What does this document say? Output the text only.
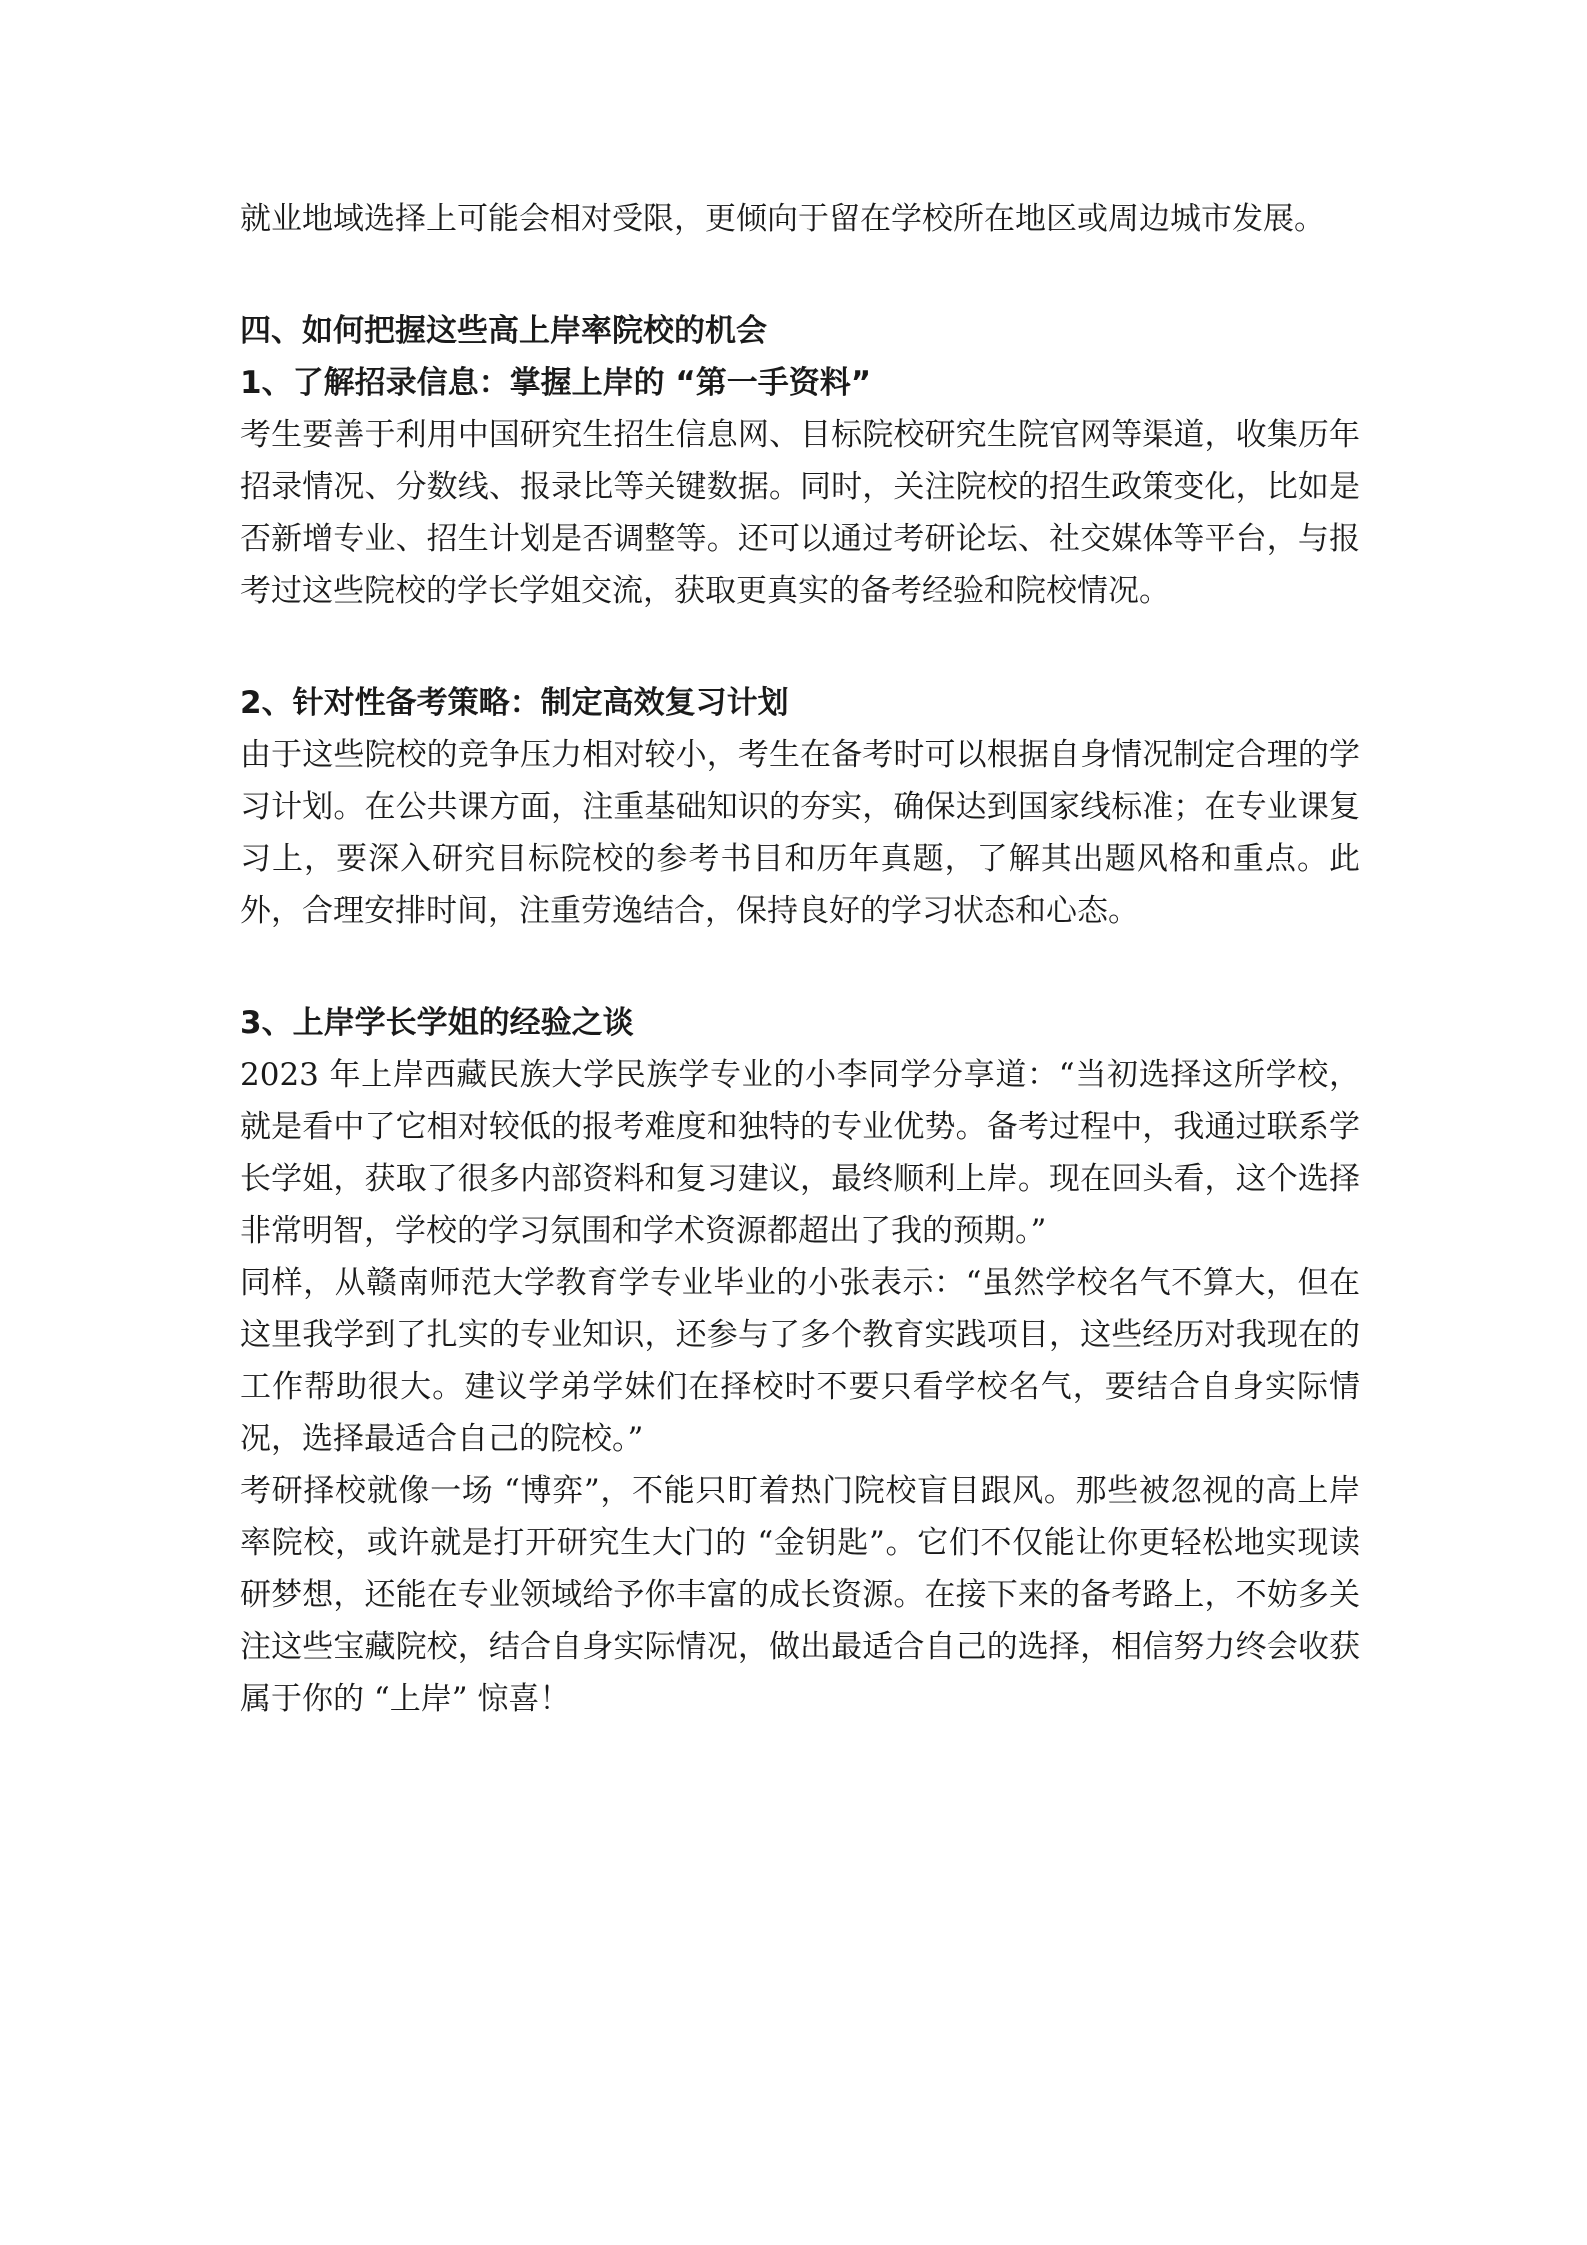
就业地域选择上可能会相对受限，更倾向于留在学校所在地区或周边城市发展。

四、如何把握这些高上岸率院校的机会

1、了解招录信息：掌握上岸的 “第一手资料”

考生要善于利用中国研究生招生信息网、目标院校研究生院官网等渠道，收集历年招录情况、分数线、报录比等关键数据。同时，关注院校的招生政策变化，比如是否新增专业、招生计划是否调整等。还可以通过考研论坛、社交媒体等平台，与报考过这些院校的学长学姐交流，获取更真实的备考经验和院校情况。

2、针对性备考策略：制定高效复习计划

由于这些院校的竞争压力相对较小，考生在备考时可以根据自身情况制定合理的学习计划。在公共课方面，注重基础知识的夯实，确保达到国家线标准；在专业课复习上，要深入研究目标院校的参考书目和历年真题，了解其出题风格和重点。此外，合理安排时间，注重劳逸结合，保持良好的学习状态和心态。

3、上岸学长学姐的经验之谈

2023 年上岸西藏民族大学民族学专业的小李同学分享道：“当初选择这所学校，就是看中了它相对较低的报考难度和独特的专业优势。备考过程中，我通过联系学长学姐，获取了很多内部资料和复习建议，最终顺利上岸。现在回头看，这个选择非常明智，学校的学习氛围和学术资源都超出了我的预期。”

同样，从赣南师范大学教育学专业毕业的小张表示：“虽然学校名气不算大，但在这里我学到了扎实的专业知识，还参与了多个教育实践项目，这些经历对我现在的工作帮助很大。建议学弟学妹们在择校时不要只看学校名气，要结合自身实际情况，选择最适合自己的院校。”

考研择校就像一场 “博弈”，不能只盯着热门院校盲目跟风。那些被忽视的高上岸率院校，或许就是打开研究生大门的 “金钥匙”。它们不仅能让你更轻松地实现读研梦想，还能在专业领域给予你丰富的成长资源。在接下来的备考路上，不妨多关注这些宝藏院校，结合自身实际情况，做出最适合自己的选择，相信努力终会收获属于你的 “上岸” 惊喜！
